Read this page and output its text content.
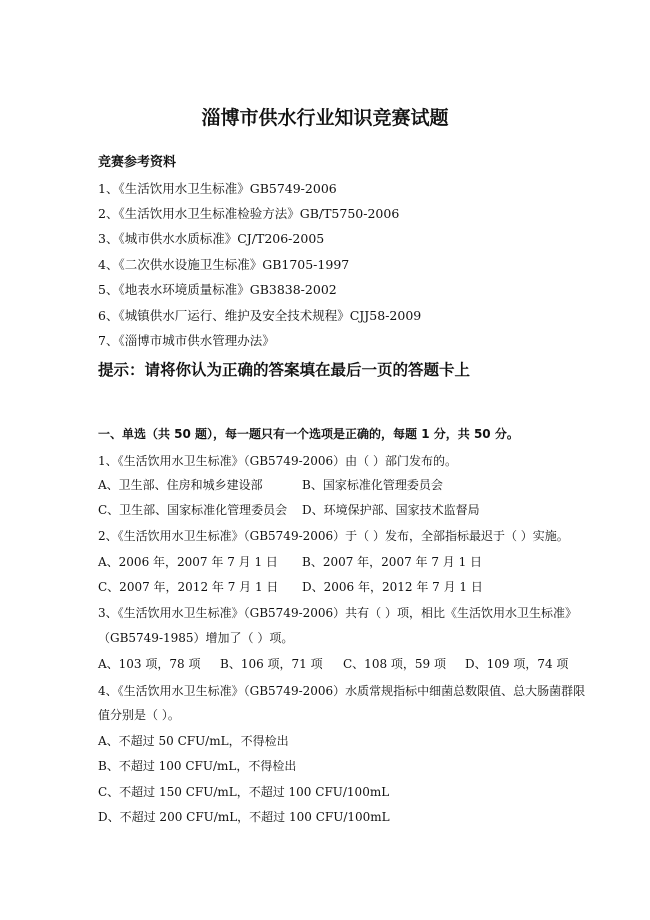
淄博市供水行业知识竞赛试题
竞赛参考资料
1、《生活饮用水卫生标准》GB5749-2006
2、《生活饮用水卫生标准检验方法》GB/T5750-2006
3、《城市供水水质标准》CJ/T206-2005
4、《二次供水设施卫生标准》GB1705-1997
5、《地表水环境质量标准》GB3838-2002
6、《城镇供水厂运行、维护及安全技术规程》CJJ58-2009
7、《淄博市城市供水管理办法》
提示：请将你认为正确的答案填在最后一页的答题卡上
一、单选（共 50 题），每一题只有一个选项是正确的，每题 1 分，共 50 分。
1、《生活饮用水卫生标准》（GB5749-2006）由（ ）部门发布的。
A、卫生部、住房和城乡建设部	B、国家标准化管理委员会
C、卫生部、国家标准化管理委员会 D、环境保护部、国家技术监督局
2、《生活饮用水卫生标准》（GB5749-2006）于（ ）发布，全部指标最迟于（ ）实施。
A、2006 年，2007 年 7 月 1 日 B、2007 年，2007 年 7 月 1 日
C、2007 年，2012 年 7 月 1 日 D、2006 年，2012 年 7 月 1 日
3、《生活饮用水卫生标准》（GB5749-2006）共有（ ）项，相比《生活饮用水卫生标准》
（GB5749-1985）增加了（ ）项。
A、103 项，78 项 B、106 项，71 项 C、108 项，59 项 D、109 项，74 项
4、《生活饮用水卫生标准》（GB5749-2006）水质常规指标中细菌总数限值、总大肠菌群限
值分别是（ ）。
A、不超过 50 CFU/mL，不得检出
B、不超过 100 CFU/mL，不得检出
C、不超过 150 CFU/mL，不超过 100 CFU/100mL
D、不超过 200 CFU/mL，不超过 100 CFU/100mL
